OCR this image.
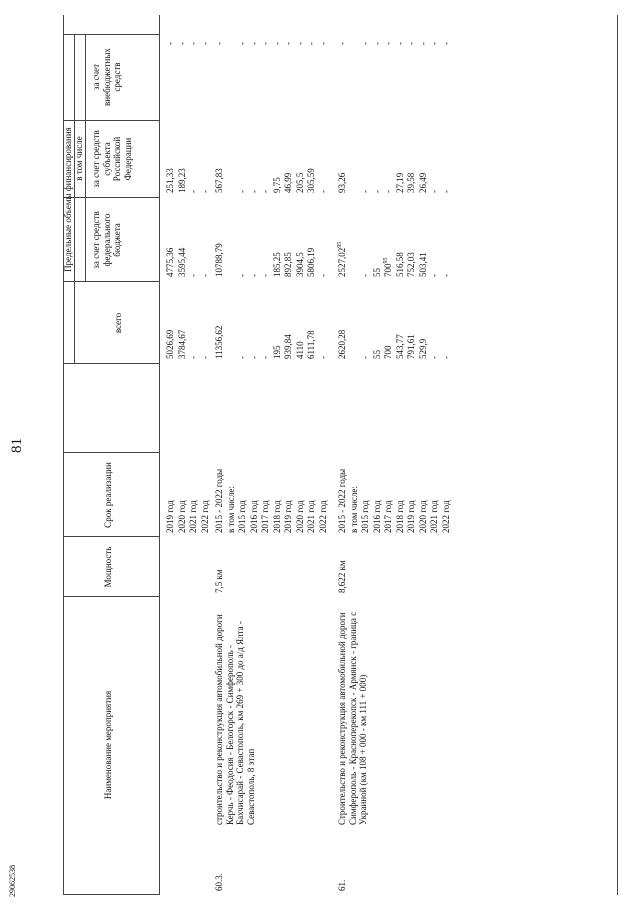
29062538
Наименование мероприятия
Мощность
Срок реализации
Предельные объемы финансирования
всего
в том числе
за счет средств федерального бюджета
за счет средств субъекта Российской Федерации
за счет внебюджетных средств
81
2019 год
5026,69
4775,36
251,33
-
2020 год
3784,67
3595,44
189,23
-
2021 год
-
-
-
-
2022 год
-
-
-
-
60.3.
строительство и реконструкция автомобильной дороги Керчь - Феодосия - Белогорск - Симферополь - Бахчисарай - Севастополь, км 269 + 300 до а/д Ялта - Севастополь, 8 этап
7,5 км
2015 - 2022 годы
11356,62
10788,79
567,83
-
в том числе: 2015 год
-
-
-
-
2016 год
-
-
-
-
2017 год
-
-
-
-
2018 год
195
185,25
9,75
-
2019 год
939,84
892,85
46,99
-
2020 год
4110
3904,5
205,5
-
2021 год
6111,78
5806,19
305,59
-
2022 год
-
-
-
-
61.
Строительство и реконструкция автомобильной дороги Симферополь - Красноперекопск - Армянск - граница с Украиной (км 108 + 000 - км 111 + 000)
8,622 км
2015 - 2022 годы
2620,28
2527,02$^{95}$
93,26
-
в том числе: 2015 год
-
-
-
-
2016 год
55
55
-
-
2017 год
700
$700^{95}$
-
-
2018 год
543,77
516,58
27,19
-
2019 год
791,61
752,03
39,58
-
2020 год
529,9
503,41
26,49
-
2021 год
-
-
-
-
2022 год
-
-
-
-
